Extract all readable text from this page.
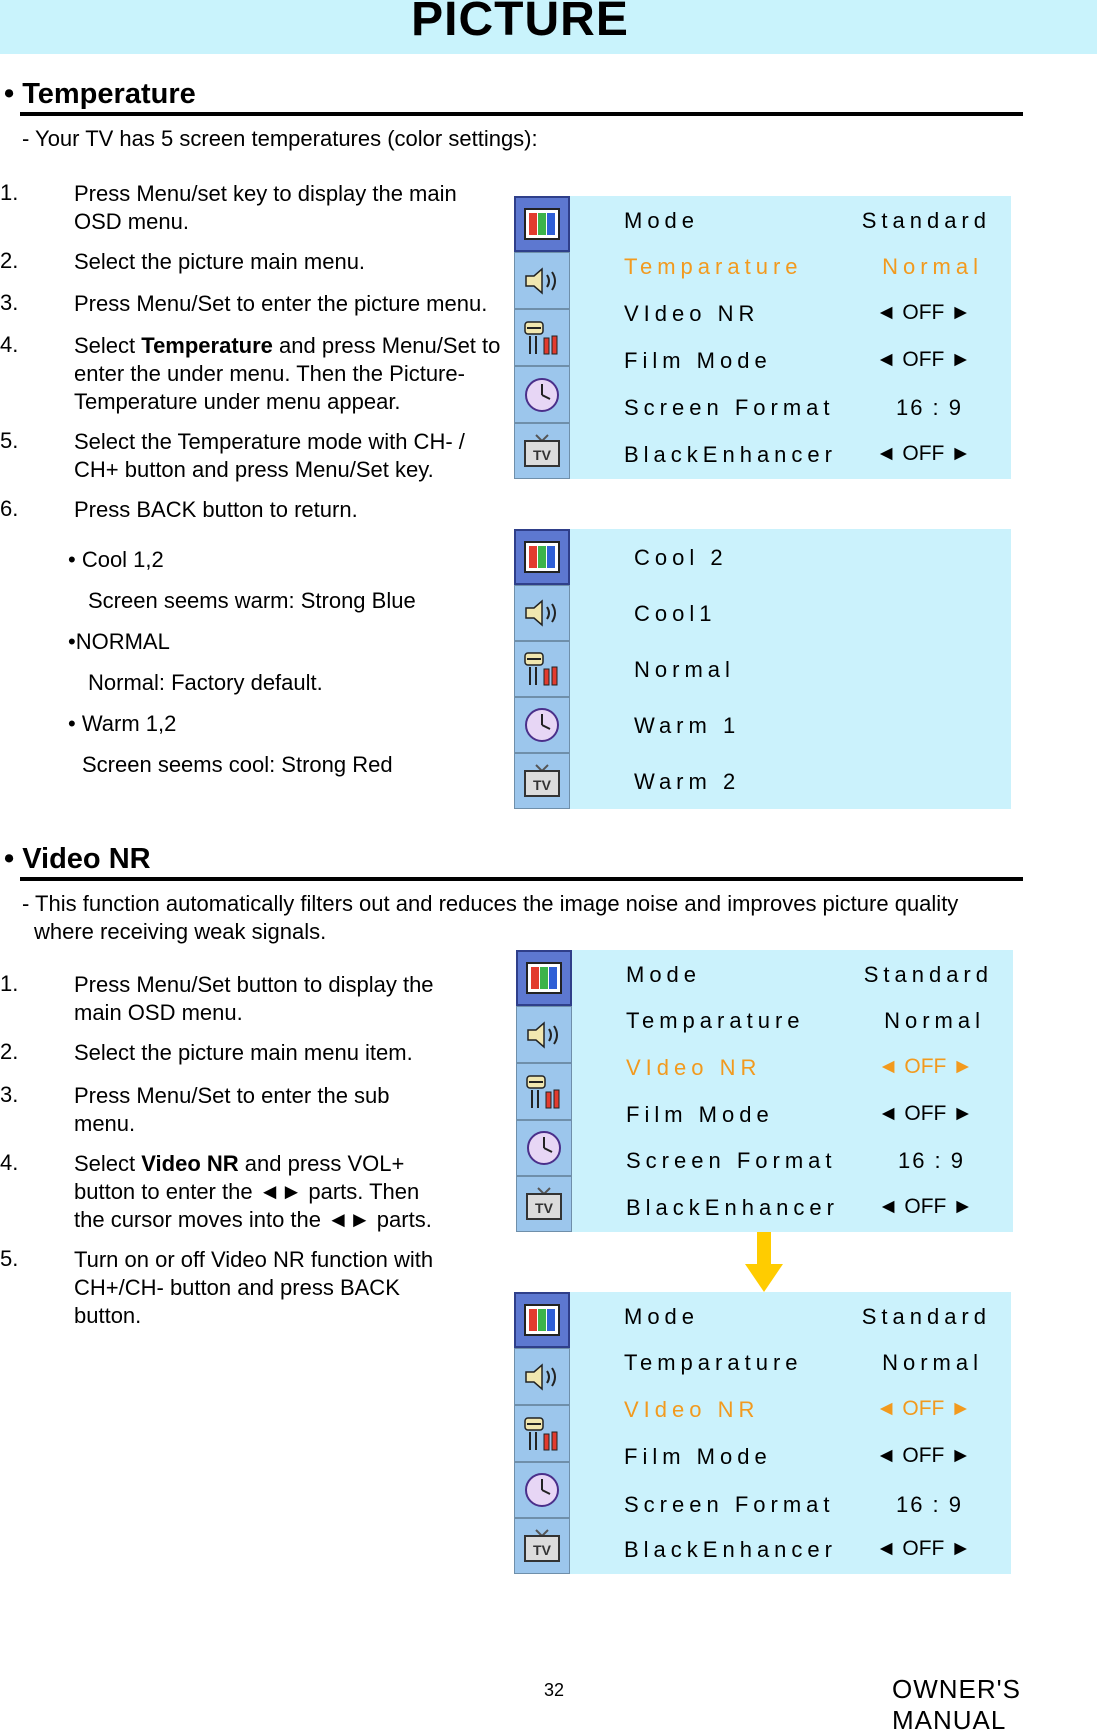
PICTURE
• Temperature
- Your TV has 5 screen temperatures (color settings):
1.	Press Menu/set key to display the main OSD menu.
2.	Select the picture main menu.
3.	Press Menu/Set to enter the picture menu.
4.	Select Temperature and press Menu/Set to enter the under menu. Then the Picture-Temperature under menu appear.
5.	Select the Temperature mode with CH- / CH+ button and press Menu/Set key.
6.	Press BACK button to return.
• Cool 1,2
Screen seems warm: Strong Blue
•NORMAL
Normal: Factory default.
• Warm 1,2
Screen seems cool: Strong Red
TV
Mode	Standard
Temparature	Normal
VIdeo NR	◄ OFF ►
Film Mode	◄ OFF ►
Screen Format	16 : 9
BlackEnhancer ◄ OFF ►
TV
Cool 2
Cool1
Normal
Warm 1
Warm 2
• Video NR
- This function automatically filters out and reduces the image noise and improves picture quality
where receiving weak signals.
1.	Press Menu/Set button to display the main OSD menu.
2.	Select the picture main menu item.
3.	Press Menu/Set to enter the sub menu.
4.	Select Video NR and press VOL+ button to enter the ◄► parts. Then the cursor moves into the ◄► parts.
5.	Turn on or off Video NR function with CH+/CH- button and press BACK button.
TV
Mode	Standard
Temparature	Normal
VIdeo NR	◄ OFF ►
Film Mode	◄ OFF ►
Screen Format	16 : 9
BlackEnhancer ◄ OFF ►
TV
Mode	Standard
Temparature	Normal
VIdeo NR	◄ OFF ►
Film Mode	◄ OFF ►
Screen Format	16 : 9
BlackEnhancer ◄ OFF ►
32	OWNER'S MANUAL
